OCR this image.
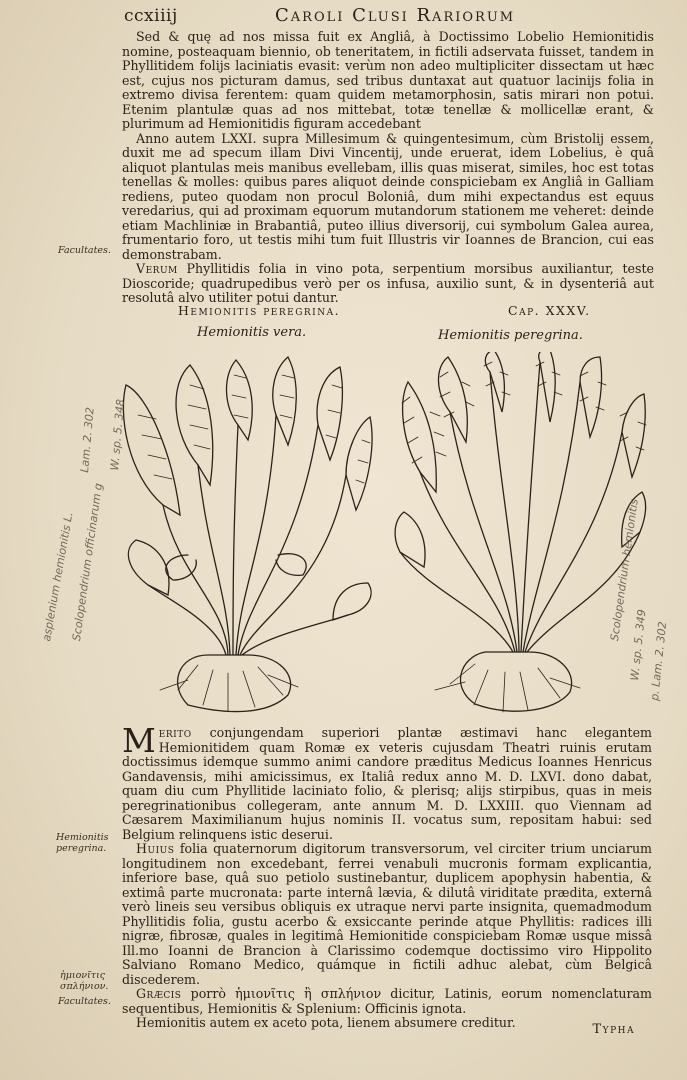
ccxiiij	Caroli Clusi Rariorum

Sed & quę ad nos missa fuit ex Angliâ, à Doctissimo Lobelio Hemionitidis nomine, posteaquam biennio, ob teneritatem, in fictili adservata fuisset, tandem in Phyllitidem folijs laciniatis evasit: verùm non adeo multipliciter dissectam ut hæc est, cujus nos picturam damus, sed tribus duntaxat aut quatuor lacinijs folia in extremo divisa ferentem: quam quidem metamorphosin, satis mirari non potui. Etenim plantulæ quas ad nos mittebat, totæ tenellæ & mollicellæ erant, & plurimum ad Hemionitidis figuram accedebant

Anno autem LXXI. supra Millesimum & quingentesimum, cùm Bristolij essem, duxit me ad specum illam Divi Vincentij, unde eruerat, idem Lobelius, è quâ aliquot plantulas meis manibus evellebam, illis quas miserat, similes, hoc est totas tenellas & molles: quibus pares aliquot deinde conspiciebam ex Angliâ in Galliam rediens, puteo quodam non procul Boloniâ, dum mihi expectandus est equus veredarius, qui ad proximam equorum mutandorum stationem me veheret: deinde etiam Machliniæ in Brabantiâ, puteo illius diversorij, cui symbolum Galea aurea, frumentario foro, ut testis mihi tum fuit Illustris vir Ioannes de Brancion, cui eas demonstrabam.

Verum Phyllitidis folia in vino pota, serpentium morsibus auxiliantur, teste Dioscoride; quadrupedibus verò per os infusa, auxilio sunt, & in dysenteriâ aut resolutâ alvo utiliter potui dantur.

Facultates.
Hemionitis peregrina.	Cap. XXXV.
Hemionitis vera.	Hemionitis peregrina.
asplenium hemionitis L.
Scolopendrium officinarum g
Lam. 2. 302 W. sp. 5. 348
Scolopendrium hemionitis
W. sp. 5. 349 p. Lam. 2. 302

Merito conjungendam superiori plantæ æstimavi hanc elegantem Hemionitidem quam Romæ ex veteris cujusdam Theatri ruinis erutam doctissimus idemque summo animi candore præditus Medicus Ioannes Henricus Gandavensis, mihi amicissimus, ex Italiâ redux anno M. D. LXVI. dono dabat, quam diu cum Phyllitide laciniato folio, & plerisq; alijs stirpibus, quas in meis peregrinationibus collegeram, ante annum M. D. LXXIII. quo Viennam ad Cæsarem Maximilianum hujus nominis II. vocatus sum, repositam habui: sed Belgium relinquens istic deserui.

Huius folia quaternorum digitorum transversorum, vel circiter trium unciarum longitudinem non excedebant, ferrei venabuli mucronis formam explicantia, inferiore base, quâ suo petiolo sustinebantur, duplicem apophysin habentia, & extimâ parte mucronata: parte internâ lævia, & dilutâ viriditate prædita, externâ verò lineis seu versibus obliquis ex utraque nervi parte insignita, quemadmodum Phyllitidis folia, gustu acerbo & exsiccante perinde atque Phyllitis: radices illi nigræ, fibrosæ, quales in legitimâ Hemionitide conspiciebam Romæ usque missâ Ill.mo Ioanni de Brancion à Clarissimo codemque doctissimo viro Hippolito Salviano Romano Medico, quámque in fictili adhuc alebat, cùm Belgicâ discederem.

Græcis porrò ἡμιονῖτις ἢ σπλήνιον dicitur, Latinis, eorum nomenclaturam sequentibus, Hemionitis & Splenium: Officinis ignota.

Hemionitis autem ex aceto pota, lienem absumere creditur.

Hemionitis peregrina.
ἡμιονῖτις σπλήνιον.
Facultates.
Typha
